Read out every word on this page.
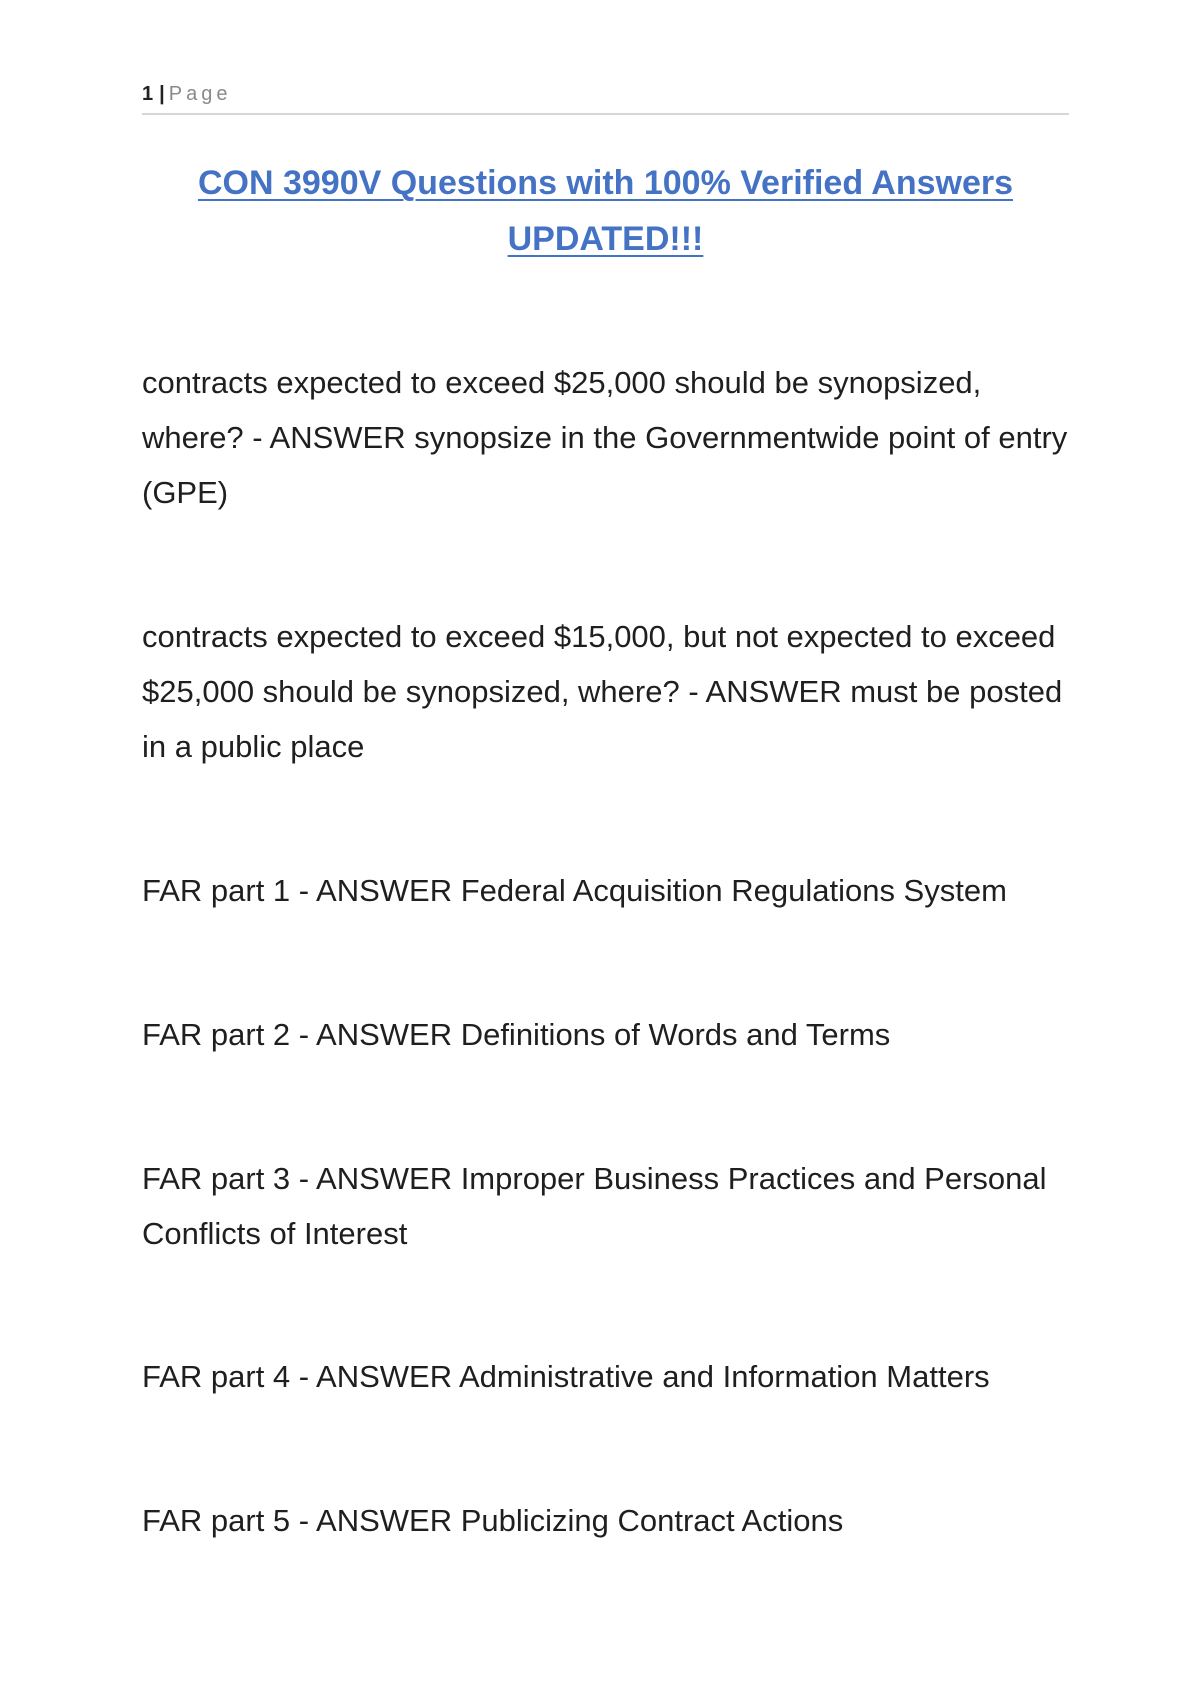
1 | Page
CON 3990V Questions with 100% Verified Answers
UPDATED!!!

contracts expected to exceed $25,000 should be synopsized, where? - ANSWER synopsize in the Governmentwide point of entry (GPE)

contracts expected to exceed $15,000, but not expected to exceed $25,000 should be synopsized, where? - ANSWER must be posted in a public place

FAR part 1 - ANSWER Federal Acquisition Regulations System

FAR part 2 - ANSWER Definitions of Words and Terms

FAR part 3 - ANSWER Improper Business Practices and Personal Conflicts of Interest

FAR part 4 - ANSWER Administrative and Information Matters

FAR part 5 - ANSWER Publicizing Contract Actions
